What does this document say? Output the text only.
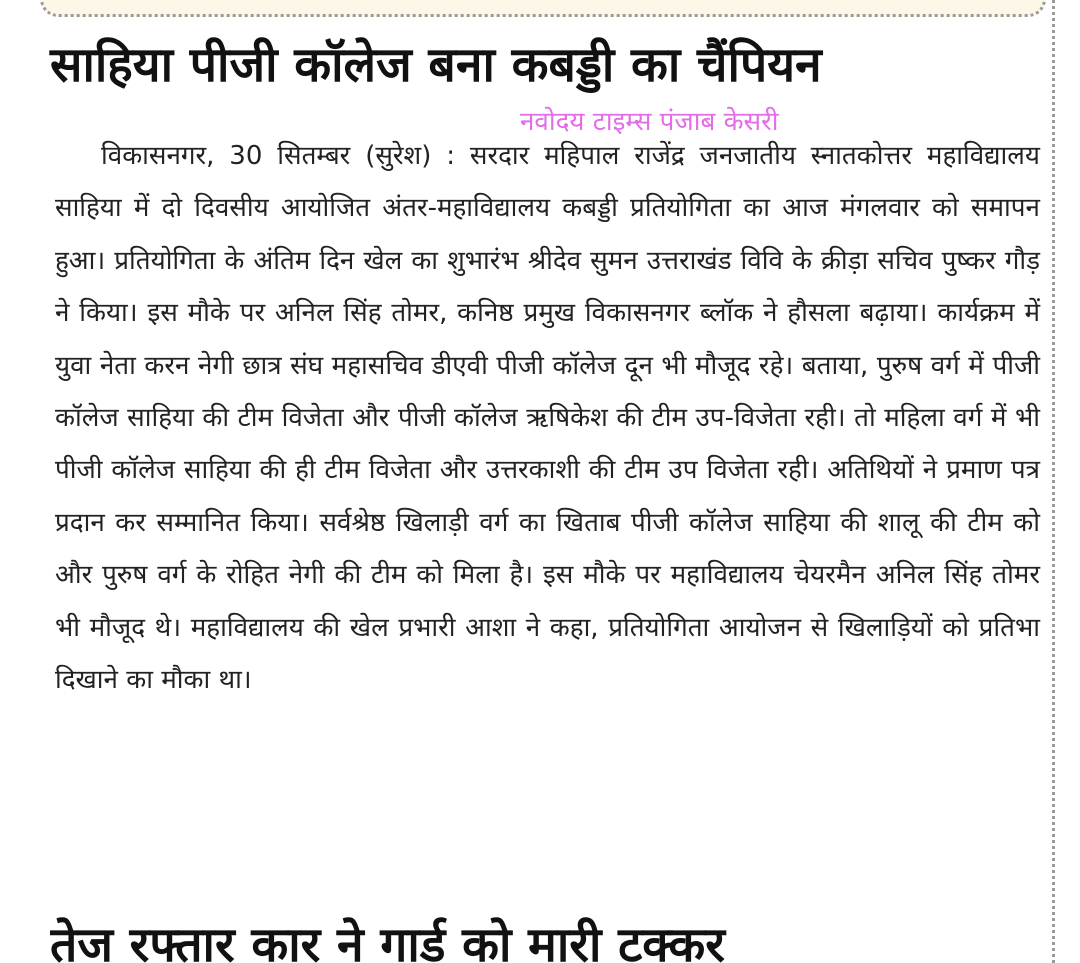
साहिया पीजी कॉलेज बना कबड्डी का चैंपियन
नवोदय टाइम्स पंजाब केसरी

विकासनगर, 30 सितम्बर (सुरेश) : सरदार महिपाल राजेंद्र जनजातीय स्नातकोत्तर महाविद्यालय साहिया में दो दिवसीय आयोजित अंतर-महाविद्यालय कबड्डी प्रतियोगिता का आज मंगलवार को समापन हुआ। प्रतियोगिता के अंतिम दिन खेल का शुभारंभ श्रीदेव सुमन उत्तराखंड विवि के क्रीड़ा सचिव पुष्कर गौड़ ने किया। इस मौके पर अनिल सिंह तोमर, कनिष्ठ प्रमुख विकासनगर ब्लॉक ने हौसला बढ़ाया। कार्यक्रम में युवा नेता करन नेगी छात्र संघ महासचिव डीएवी पीजी कॉलेज दून भी मौजूद रहे। बताया, पुरुष वर्ग में पीजी कॉलेज साहिया की टीम विजेता और पीजी कॉलेज ऋषिकेश की टीम उप-विजेता रही। तो महिला वर्ग में भी पीजी कॉलेज साहिया की ही टीम विजेता और उत्तरकाशी की टीम उप विजेता रही। अतिथियों ने प्रमाण पत्र प्रदान कर सम्मानित किया। सर्वश्रेष्ठ खिलाड़ी वर्ग का खिताब पीजी कॉलेज साहिया की शालू की टीम को और पुरुष वर्ग के रोहित नेगी की टीम को मिला है। इस मौके पर महाविद्यालय चेयरमैन अनिल सिंह तोमर भी मौजूद थे। महाविद्यालय की खेल प्रभारी आशा ने कहा, प्रतियोगिता आयोजन से खिलाड़ियों को प्रतिभा दिखाने का मौका था।

तेज रफ्तार कार ने गार्ड को मारी टक्कर
